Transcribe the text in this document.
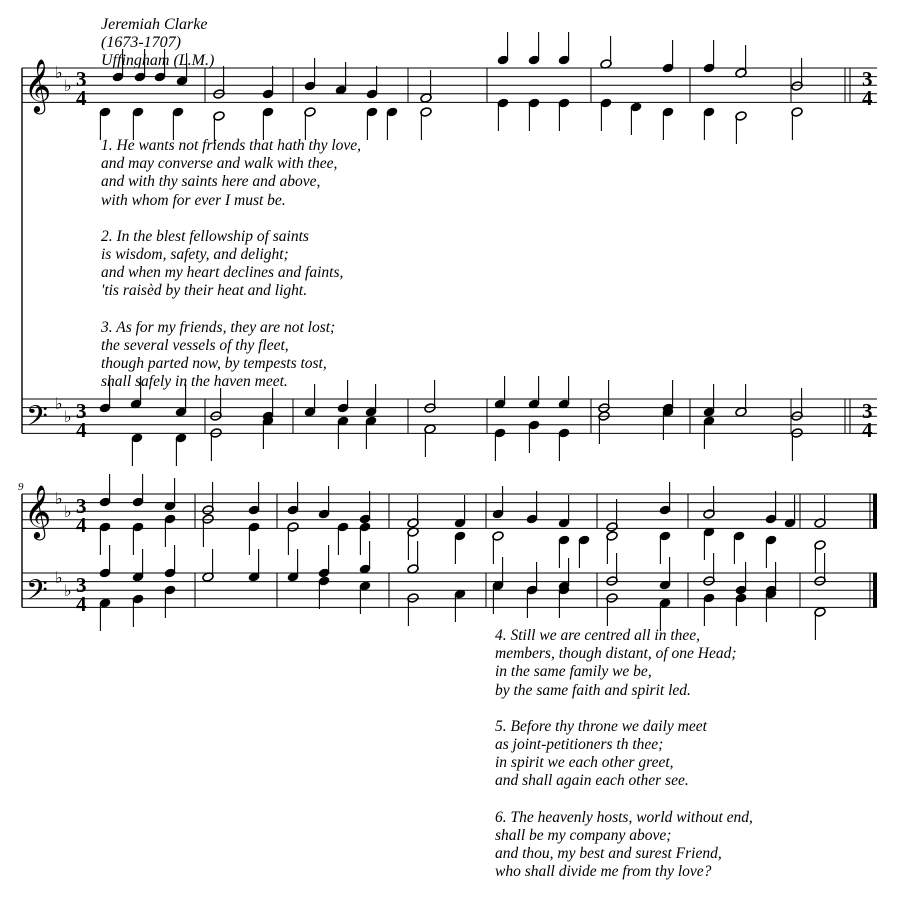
Jeremiah Clarke
(1673-1707)
Uffingham (L.M.)
𝄞
𝄢
𝄞
𝄢
♭
♭
♭
♭
♭
♭
♭
♭
3
4
3
4
3
4
3
4
3
4
3
4
9
1. He wants not friends that hath thy love,
and may converse and walk with thee,
and with thy saints here and above,
with whom for ever I must be.
2. In the blest fellowship of saints
is wisdom, safety, and delight;
and when my heart declines and faints,
'tis raisèd by their heat and light.
3. As for my friends, they are not lost;
the several vessels of thy fleet,
though parted now, by tempests tost,
shall safely in the haven meet.
4. Still we are centred all in thee,
members, though distant, of one Head;
in the same family we be,
by the same faith and spirit led.
5. Before thy throne we daily meet
as joint-petitioners th thee;
in spirit we each other greet,
and shall again each other see.
6. The heavenly hosts, world without end,
shall be my company above;
and thou, my best and surest Friend,
who shall divide me from thy love?
